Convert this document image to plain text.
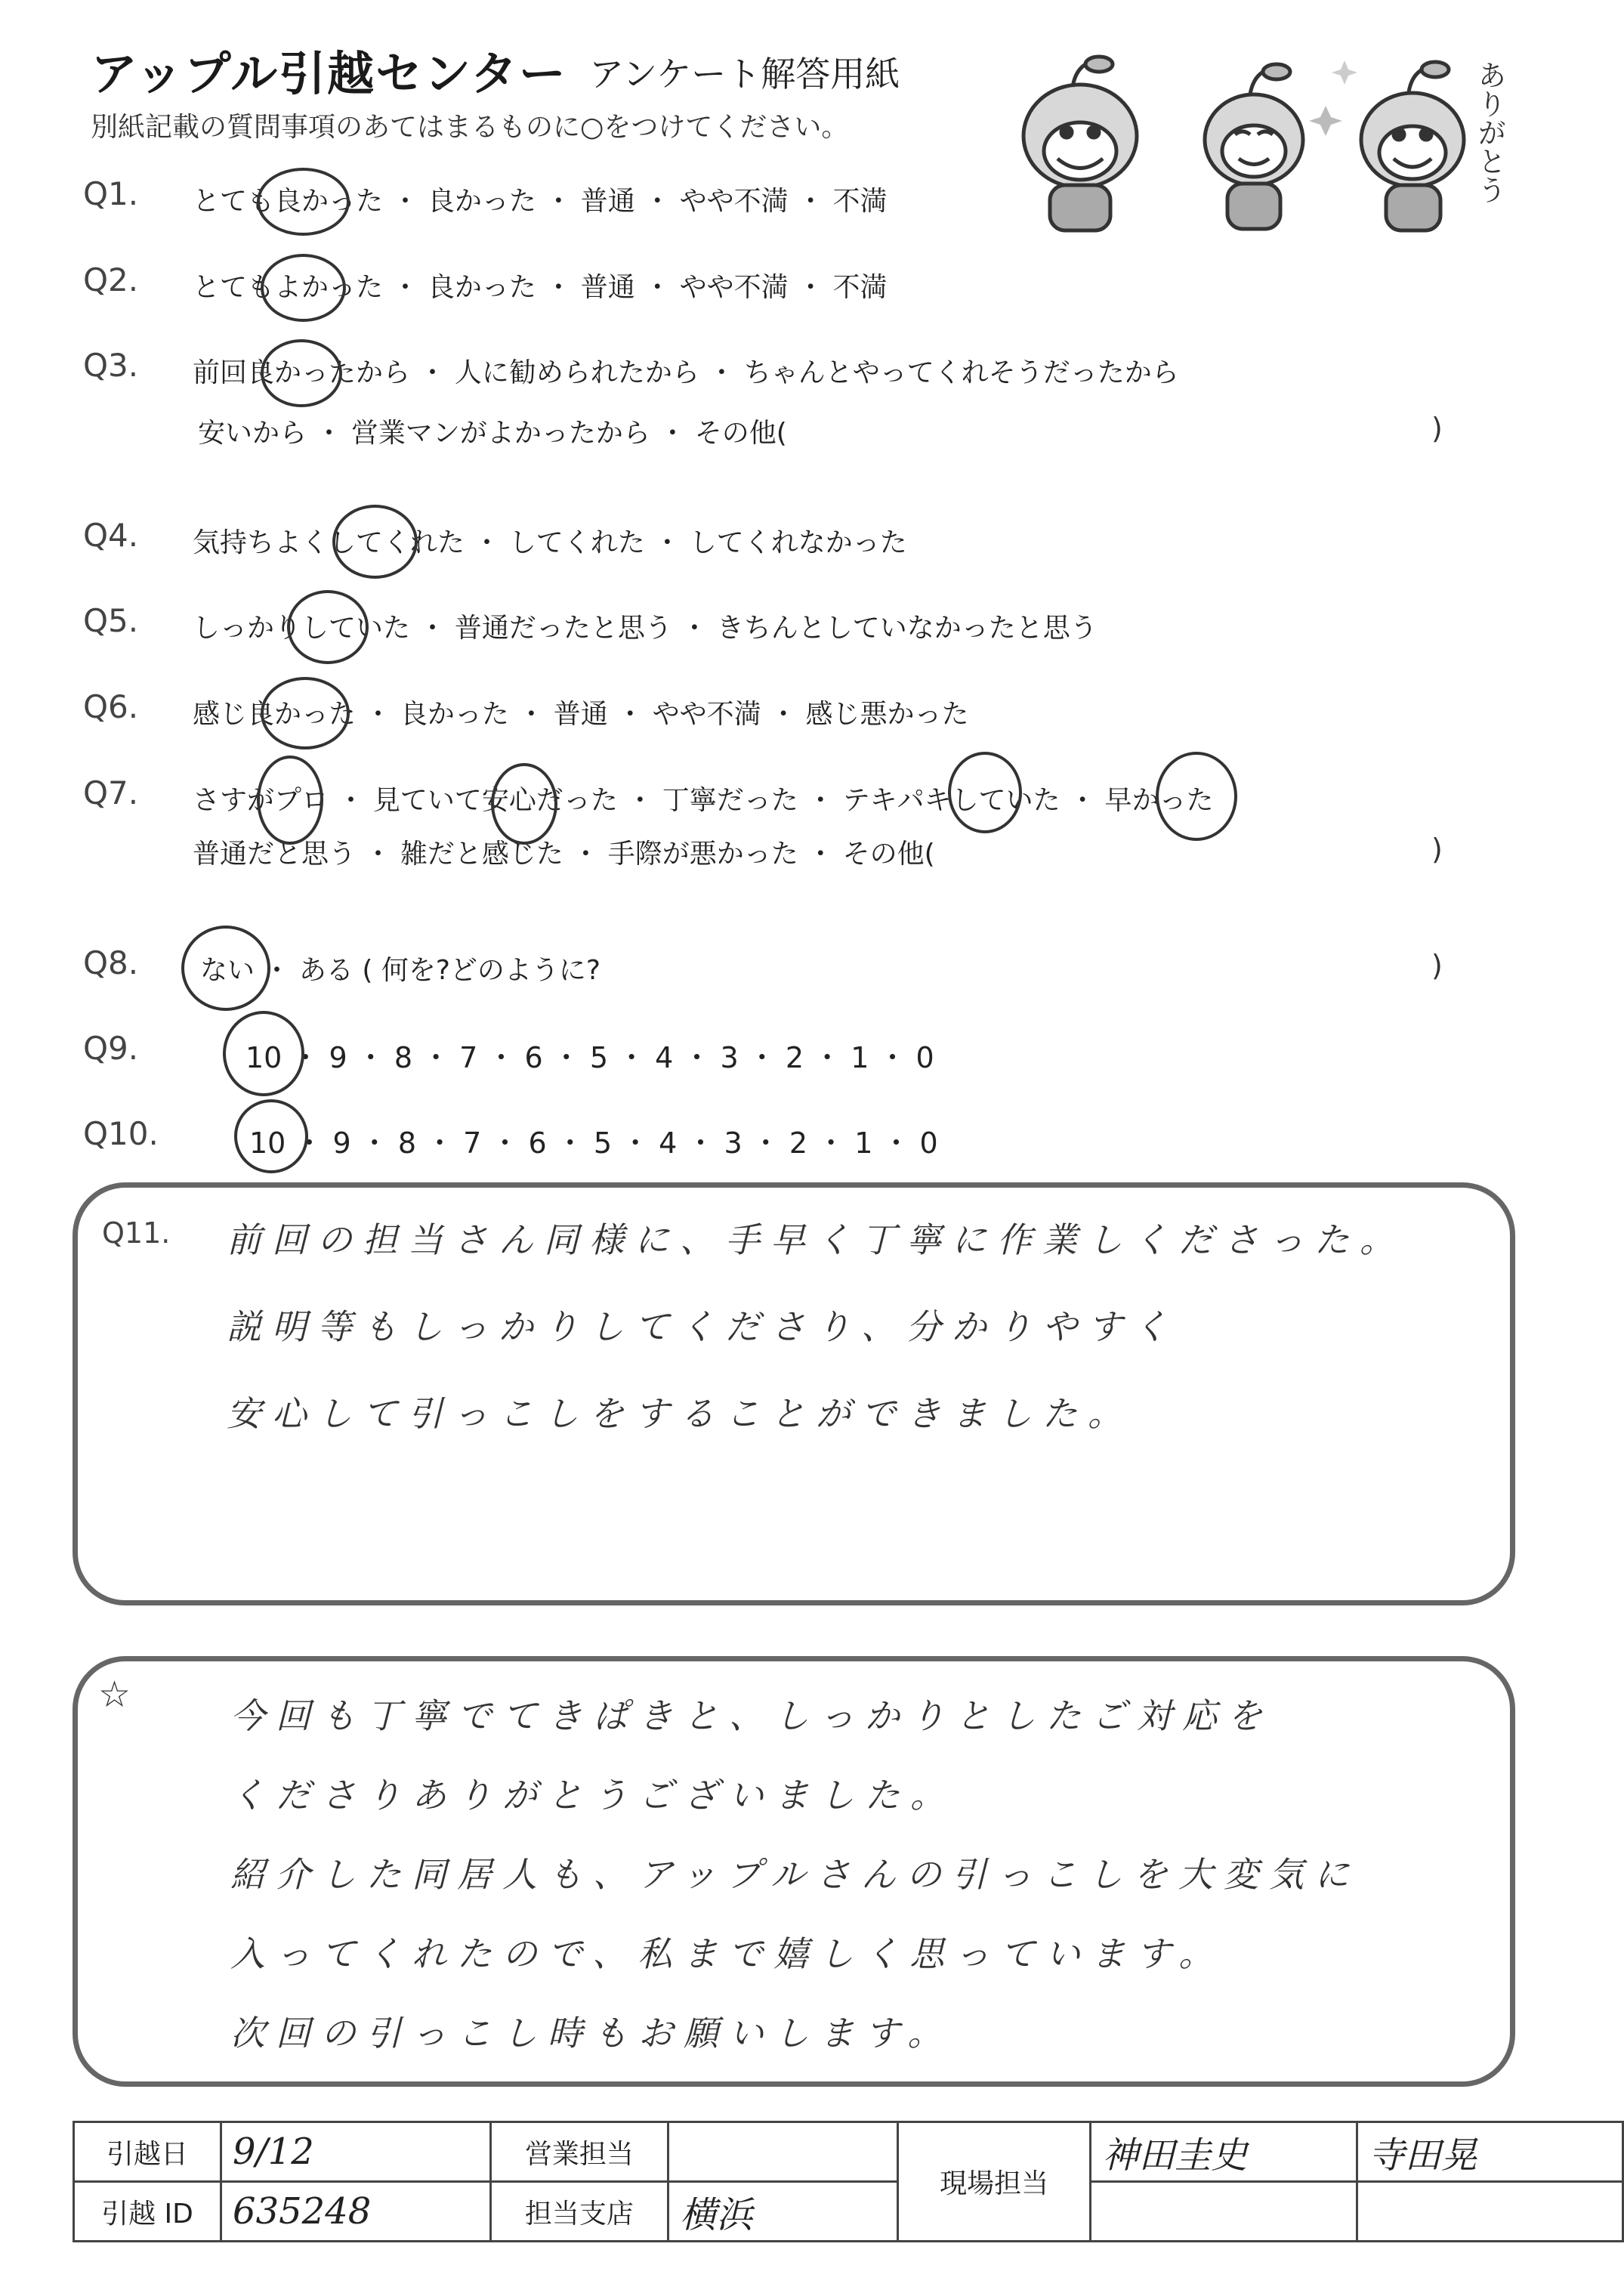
アップル引越センター アンケート解答用紙
別紙記載の質問事項のあてはまるものに○をつけてください。	ありがとう
Q1. とても良かった ・ 良かった ・ 普通 ・ やや不満 ・ 不満
Q2. とてもよかった ・ 良かった ・ 普通 ・ やや不満 ・ 不満
Q3. 前回良かったから ・ 人に勧められたから ・ ちゃんとやってくれそうだったから
安いから ・ 営業マンがよかったから ・ その他(	)
Q4. 気持ちよくしてくれた ・ してくれた ・ してくれなかった
Q5. しっかりしていた ・ 普通だったと思う ・ きちんとしていなかったと思う
Q6. 感じ良かった ・ 良かった ・ 普通 ・ やや不満 ・ 感じ悪かった
Q7. さすがプロ ・ 見ていて安心だった ・ 丁寧だった ・ テキパキしていた ・ 早かった
普通だと思う ・ 雑だと感じた ・ 手際が悪かった ・ その他(	)
Q8. ない ・ ある ( 何を?どのように?	)
Q9.	10 ・ 9 ・ 8 ・ 7 ・ 6 ・ 5 ・ 4 ・ 3 ・ 2 ・ 1 ・ 0
Q10.	10 ・ 9 ・ 8 ・ 7 ・ 6 ・ 5 ・ 4 ・ 3 ・ 2 ・ 1 ・ 0
Q11. 前回の担当さん同様に、手早く丁寧に作業しくださった。
説明等もしっかりしてくださり、分かりやすく
安心して引っこしをすることができました。
☆	今回も丁寧でてきぱきと、しっかりとしたご対応を
くださりありがとうございました。
紹介した同居人も、アップルさんの引っこしを大変気に
入ってくれたので、私まで嬉しく思っています。
次回の引っこし時もお願いします。
引越日	9/12	営業担当		現場担当	神田圭史	寺田晃
引越 ID	635248	担当支店	横浜			
